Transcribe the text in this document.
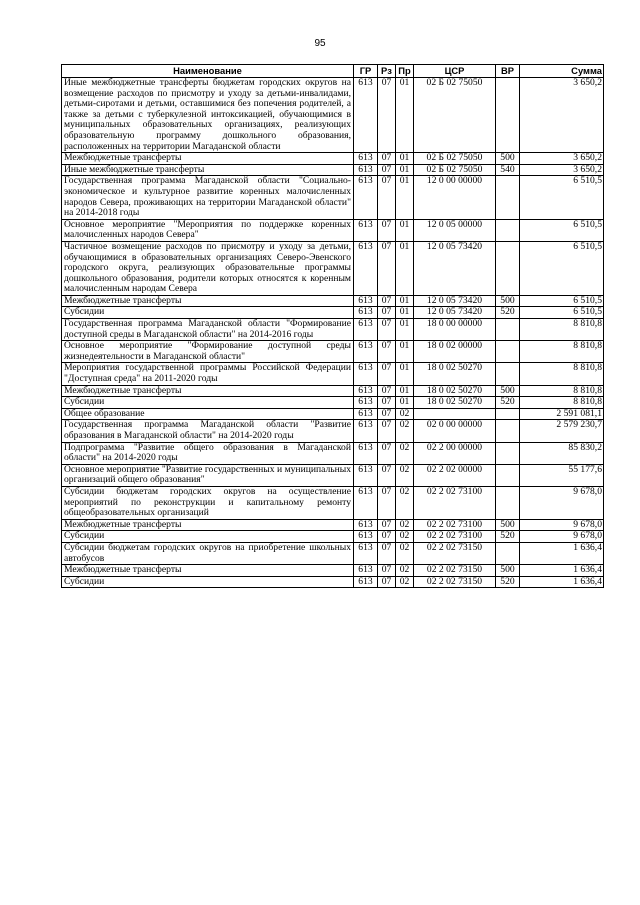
95
Наименование	ГР	Рз	Пр	ЦСР	ВР	Сумма
Иные межбюджетные трансферты бюджетам городских округов на возмещение расходов по присмотру и уходу за детьми-инвалидами, детьми-сиротами и детьми, оставшимися без попечения родителей, а также за детьми с туберкулезной интоксикацией, обучающимися в муниципальных образовательных организациях, реализующих образовательную программу дошкольного образования, расположенных на территории Магаданской области	613	07	01	02 Б 02 75050		3 650,2
Межбюджетные трансферты	613	07	01	02 Б 02 75050	500	3 650,2
Иные межбюджетные трансферты	613	07	01	02 Б 02 75050	540	3 650,2
Государственная программа Магаданской области "Социально-экономическое и культурное развитие коренных малочисленных народов Севера, проживающих на территории Магаданской области" на 2014-2018 годы	613	07	01	12 0 00 00000		6 510,5
Основное мероприятие "Мероприятия по поддержке коренных малочисленных народов Севера"	613	07	01	12 0 05 00000		6 510,5
Частичное возмещение расходов по присмотру и уходу за детьми, обучающимися в образовательных организациях Северо-Эвенского городского округа, реализующих образовательные программы дошкольного образования, родители которых относятся к коренным малочисленным народам Севера	613	07	01	12 0 05 73420		6 510,5
Межбюджетные трансферты	613	07	01	12 0 05 73420	500	6 510,5
Субсидии	613	07	01	12 0 05 73420	520	6 510,5
Государственная программа Магаданской области "Формирование доступной среды в Магаданской области" на 2014-2016 годы	613	07	01	18 0 00 00000		8 810,8
Основное мероприятие "Формирование доступной среды жизнедеятельности в Магаданской области"	613	07	01	18 0 02 00000		8 810,8
Мероприятия государственной программы Российской Федерации "Доступная среда" на 2011-2020 годы	613	07	01	18 0 02 50270		8 810,8
Межбюджетные трансферты	613	07	01	18 0 02 50270	500	8 810,8
Субсидии	613	07	01	18 0 02 50270	520	8 810,8
Общее образование	613	07	02			2 591 081,1
Государственная программа Магаданской области "Развитие образования в Магаданской области" на 2014-2020 годы	613	07	02	02 0 00 00000		2 579 230,7
Подпрограмма "Развитие общего образования в Магаданской области" на 2014-2020 годы	613	07	02	02 2 00 00000		85 830,2
Основное мероприятие "Развитие государственных и муниципальных организаций общего образования"	613	07	02	02 2 02 00000		55 177,6
Субсидии бюджетам городских округов на осуществление мероприятий по реконструкции и капитальному ремонту общеобразовательных организаций	613	07	02	02 2 02 73100		9 678,0
Межбюджетные трансферты	613	07	02	02 2 02 73100	500	9 678,0
Субсидии	613	07	02	02 2 02 73100	520	9 678,0
Субсидии бюджетам городских округов на приобретение школьных автобусов	613	07	02	02 2 02 73150		1 636,4
Межбюджетные трансферты	613	07	02	02 2 02 73150	500	1 636,4
Субсидии	613	07	02	02 2 02 73150	520	1 636,4
